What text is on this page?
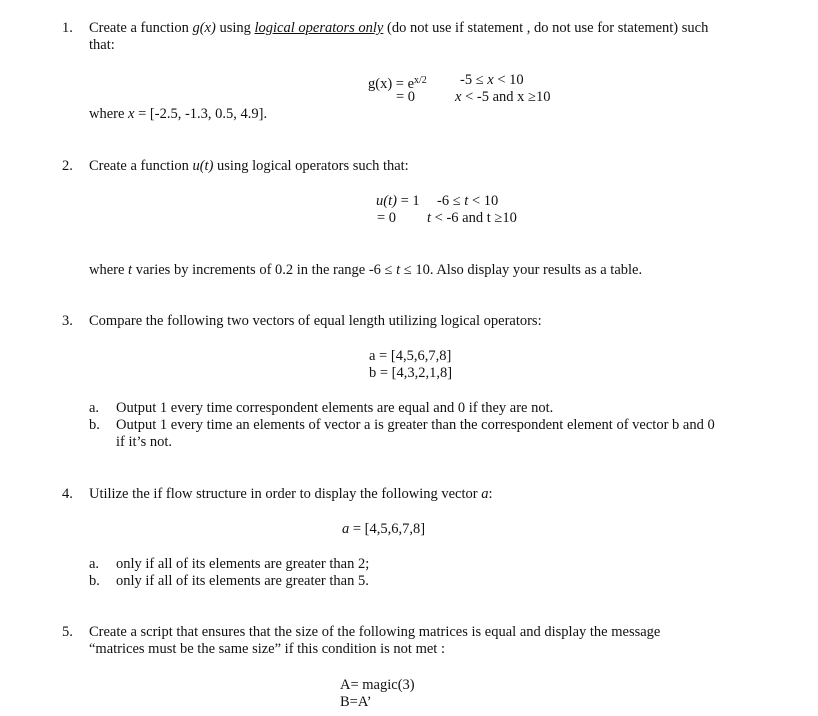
1. Create a function g(x) using logical operators only (do not use if statement , do not use for statement) such
that:
$g(x) = e^{x/2}$ -5 ≤ x < 10
= 0	x < -5 and x ≥10
where x = [-2.5, -1.3, 0.5, 4.9].
2. Create a function u(t) using logical operators such that:
u(t) = 1 -6 ≤ t < 10
= 0 t < -6 and t ≥10
where t varies by increments of 0.2 in the range -6 ≤ t ≤ 10. Also display your results as a table.
3. Compare the following two vectors of equal length utilizing logical operators:
a = [4,5,6,7,8]
b = [4,3,2,1,8]
a. Output 1 every time correspondent elements are equal and 0 if they are not.
b. Output 1 every time an elements of vector a is greater than the correspondent element of vector b and 0
if it’s not.
4. Utilize the if flow structure in order to display the following vector a:
a = [4,5,6,7,8]
a. only if all of its elements are greater than 2;
b. only if all of its elements are greater than 5.
5. Create a script that ensures that the size of the following matrices is equal and display the message
“matrices must be the same size” if this condition is not met :
A= magic(3)
B=A’
